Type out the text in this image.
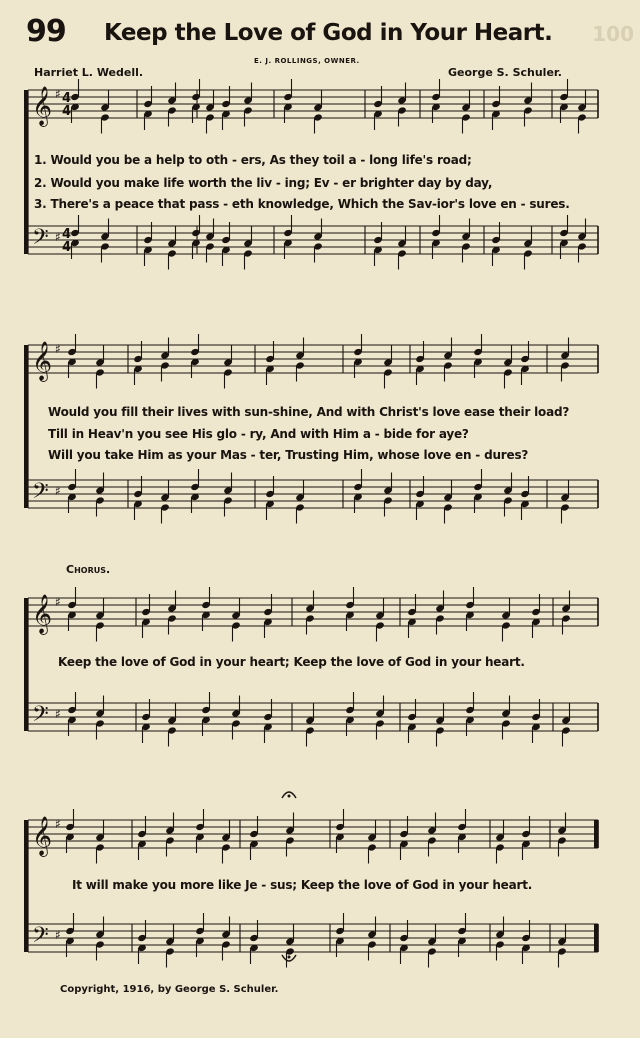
99 Keep the Love of God in Your Heart.
E. J. ROLLINGS, OWNER.
Harriet L. Wedell.	George S. Schuler.
𝄞
𝄢
♯
♯
4
4
4
4
𝄞
𝄢
♯
♯
𝄞
𝄢
♯
♯
𝄞
𝄢
♯
♯
1. Would you be a help to oth - ers, As they toil a - long life's road;
2. Would you make life worth the liv - ing; Ev - er brighter day by day,
3. There's a peace that pass - eth knowledge, Which the Sav-ior's love en - sures.
Would you fill their lives with sun-shine, And with Christ's love ease their load?
Till in Heav'n you see His glo - ry, And with Him a - bide for aye?
Will you take Him as your Mas - ter, Trusting Him, whose love en - dures?
Chorus.
Keep the love of God in your heart; Keep the love of God in your heart.
It will make you more like Je - sus; Keep the love of God in your heart.
Copyright, 1916, by George S. Schuler.
100
